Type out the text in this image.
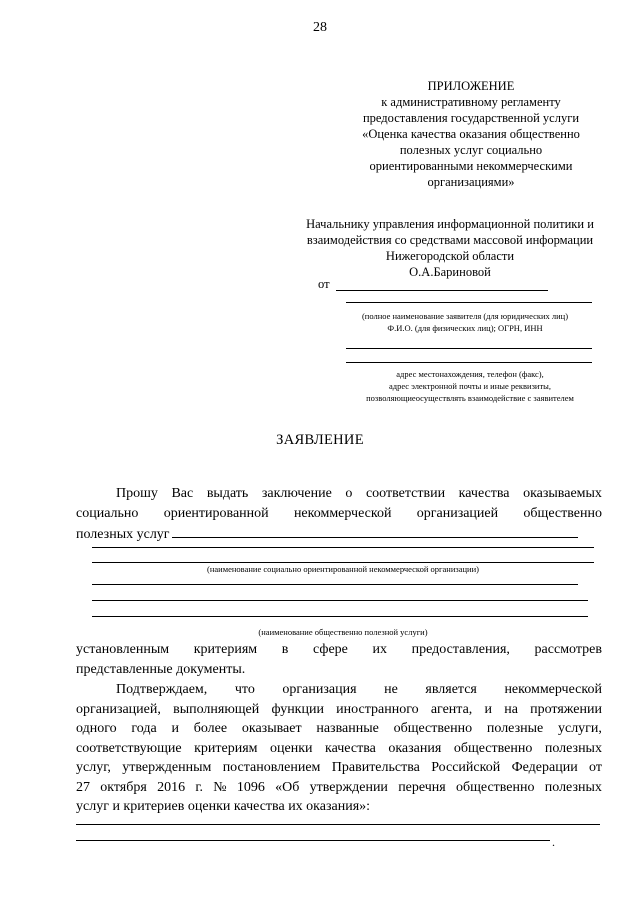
28
ПРИЛОЖЕНИЕ
к административному регламенту
предоставления государственной услуги
«Оценка качества оказания общественно
полезных услуг социально
ориентированными некоммерческими
организациями»
Начальнику управления информационной политики и
взаимодействия со средствами массовой информации
Нижегородской области
О.А.Бариновой
от
(полное наименование заявителя (для юридических лиц)
Ф.И.О. (для физических лиц); ОГРН, ИНН
адрес местонахождения, телефон (факс),
адрес электронной почты и иные реквизиты,
позволяющиеосуществлять взаимодействие с заявителем
ЗАЯВЛЕНИЕ
Прошу Вас выдать заключение о соответствии качества оказываемых
социально ориентированной некоммерческой организацией общественно
полезных услуг
(наименование социально ориентированной некоммерческой организации)
(наименование общественно полезной услуги)
установленным критериям в сфере их предоставления, рассмотрев
представленные документы.
Подтверждаем, что организация не является некоммерческой
организацией, выполняющей функции иностранного агента, и на протяжении
одного года и более оказывает названные общественно полезные услуги,
соответствующие критериям оценки качества оказания общественно полезных
услуг, утвержденным постановлением Правительства Российской Федерации от
27 октября 2016 г. № 1096 «Об утверждении перечня общественно полезных
услуг и критериев оценки качества их оказания»:
.
